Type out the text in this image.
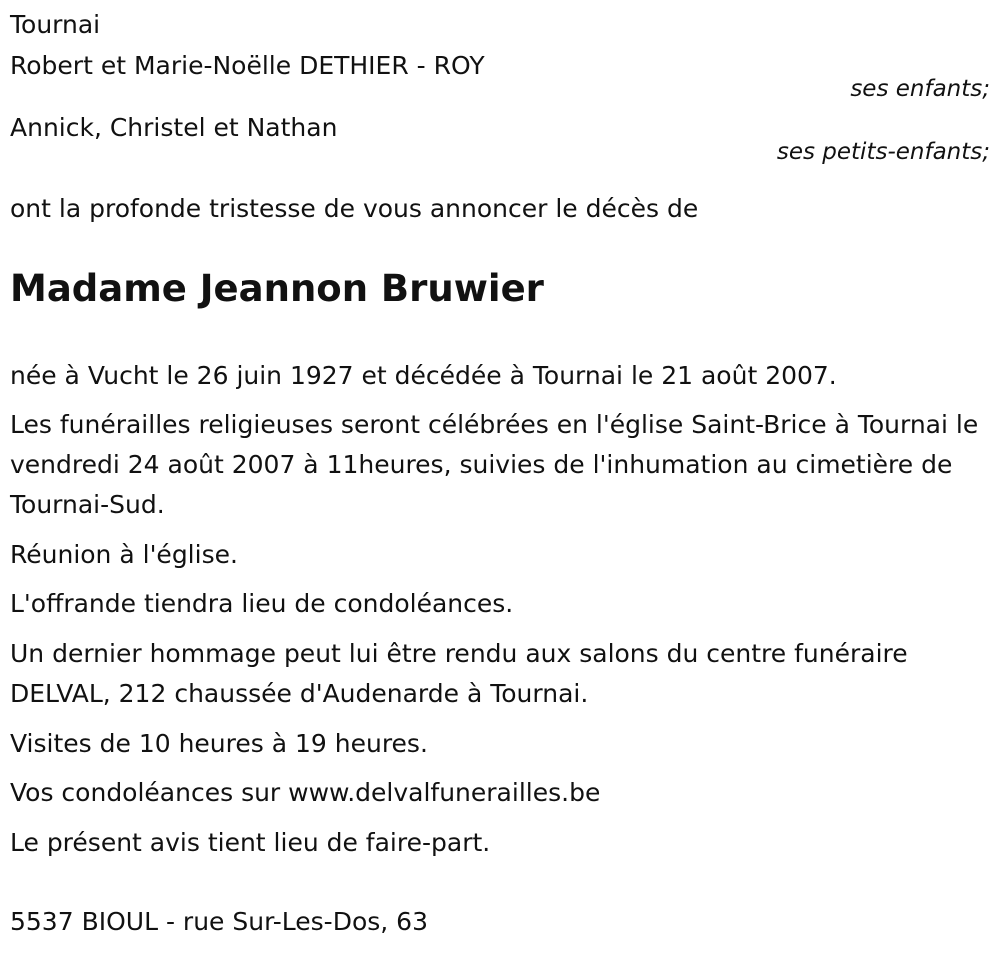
Tournai

Robert et Marie-Noëlle DETHIER - ROY

ses enfants;

Annick, Christel et Nathan

ses petits-enfants;

ont la profonde tristesse de vous annoncer le décès de

Madame Jeannon Bruwier

née à Vucht le 26 juin 1927 et décédée à Tournai le 21 août 2007.

Les funérailles religieuses seront célébrées en l'église Saint-Brice à Tournai le vendredi 24 août 2007 à 11heures, suivies de l'inhumation au cimetière de Tournai-Sud.

Réunion à l'église.

L'offrande tiendra lieu de condoléances.

Un dernier hommage peut lui être rendu aux salons du centre funéraire DELVAL, 212 chaussée d'Audenarde à Tournai.

Visites de 10 heures à 19 heures.

Vos condoléances sur www.delvalfunerailles.be

Le présent avis tient lieu de faire-part.

5537 BIOUL - rue Sur-Les-Dos, 63
